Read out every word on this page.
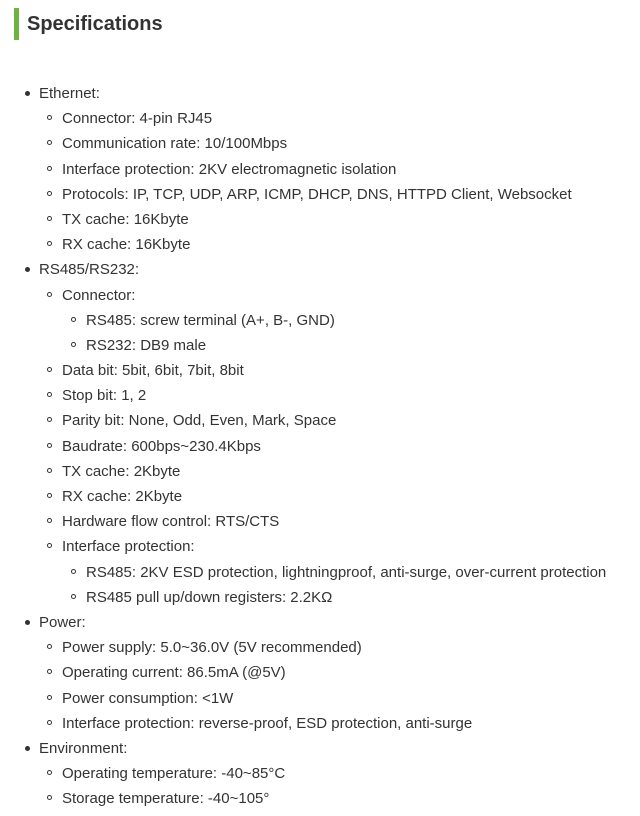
Specifications
Ethernet:
Connector: 4-pin RJ45
Communication rate: 10/100Mbps
Interface protection: 2KV electromagnetic isolation
Protocols: IP, TCP, UDP, ARP, ICMP, DHCP, DNS, HTTPD Client, Websocket
TX cache: 16Kbyte
RX cache: 16Kbyte
RS485/RS232:
Connector:
RS485: screw terminal (A+, B-, GND)
RS232: DB9 male
Data bit: 5bit, 6bit, 7bit, 8bit
Stop bit: 1, 2
Parity bit: None, Odd, Even, Mark, Space
Baudrate: 600bps~230.4Kbps
TX cache: 2Kbyte
RX cache: 2Kbyte
Hardware flow control: RTS/CTS
Interface protection:
RS485: 2KV ESD protection, lightningproof, anti-surge, over-current protection
RS485 pull up/down registers: 2.2KΩ
Power:
Power supply: 5.0~36.0V (5V recommended)
Operating current: 86.5mA (@5V)
Power consumption: <1W
Interface protection: reverse-proof, ESD protection, anti-surge
Environment:
Operating temperature: -40~85°C
Storage temperature: -40~105°
